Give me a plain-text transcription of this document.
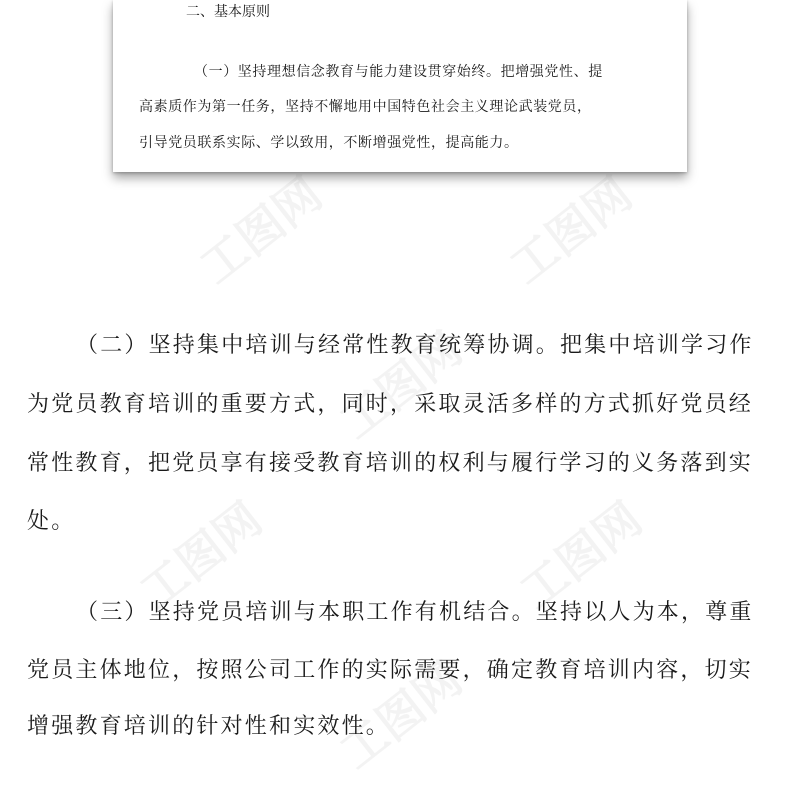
工图网	工图网
工图网
工图网	工图网
工图网
二、基本原则
（一）坚持理想信念教育与能力建设贯穿始终。把增强党性、提
高素质作为第一任务，坚持不懈地用中国特色社会主义理论武装党员，
引导党员联系实际、学以致用，不断增强党性，提高能力。
（二）坚持集中培训与经常性教育统筹协调。把集中培训学习作
为党员教育培训的重要方式，同时，采取灵活多样的方式抓好党员经
常性教育，把党员享有接受教育培训的权利与履行学习的义务落到实
处。
（三）坚持党员培训与本职工作有机结合。坚持以人为本，尊重
党员主体地位，按照公司工作的实际需要，确定教育培训内容，切实
增强教育培训的针对性和实效性。
